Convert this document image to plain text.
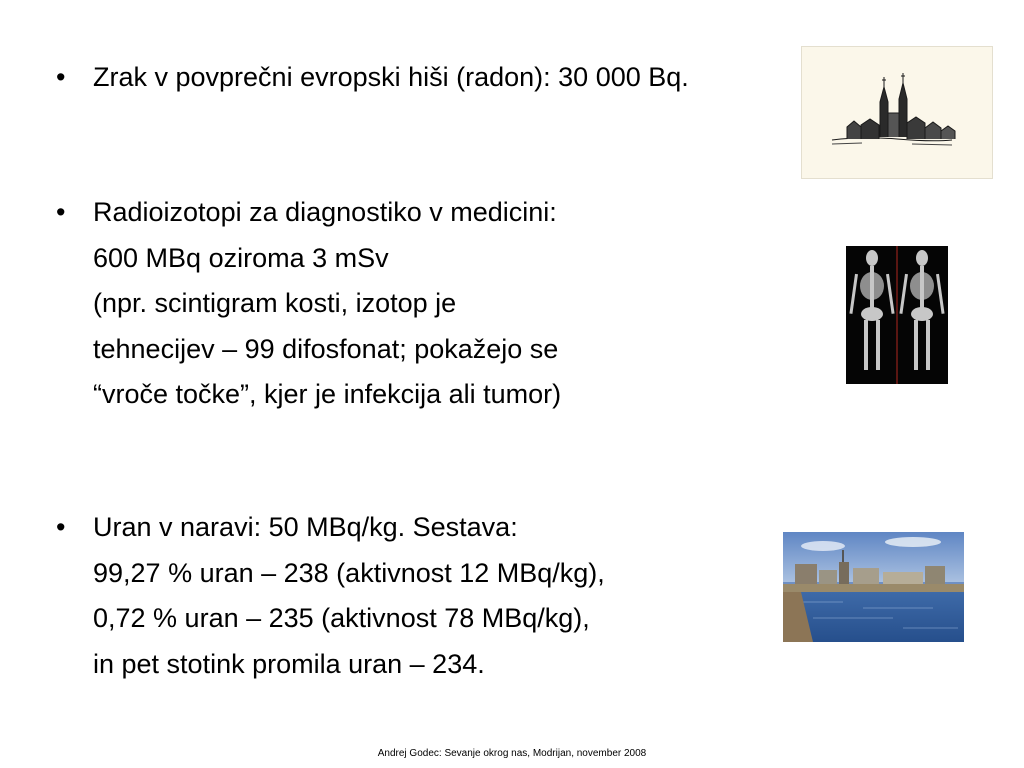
• Zrak v povprečni evropski hiši (radon): 30 000 Bq.
• Radioizotopi za diagnostiko v medicini:
600 MBq oziroma 3 mSv
(npr. scintigram kosti, izotop je
tehnecijev – 99 difosfonat; pokažejo se
“vroče točke”, kjer je infekcija ali tumor)
• Uran v naravi: 50 MBq/kg. Sestava:
99,27 % uran – 238 (aktivnost 12 MBq/kg),
0,72 % uran – 235 (aktivnost 78 MBq/kg),
in pet stotink promila uran – 234.
Andrej Godec: Sevanje okrog nas, Modrijan, november 2008
